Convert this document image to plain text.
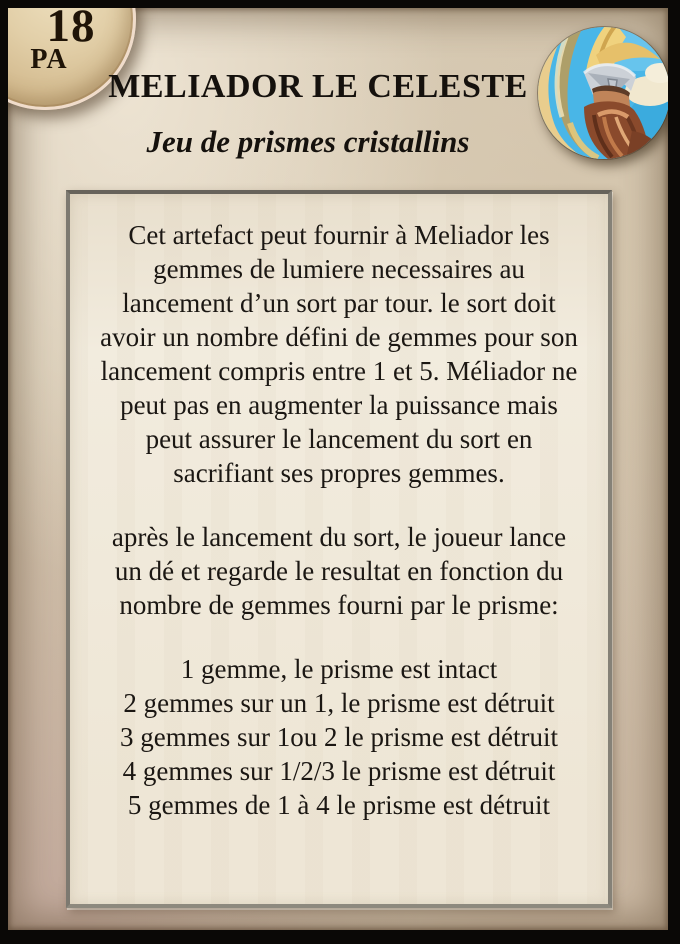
18
PA
MELIADOR LE CELESTE
Jeu de prismes cristallins
Cet artefact peut fournir à Meliador les
gemmes de lumiere necessaires au
lancement d’un sort par tour. le sort doit
avoir un nombre défini de gemmes pour son
lancement compris entre 1 et 5. Méliador ne
peut pas en augmenter la puissance mais
peut assurer le lancement du sort en
sacrifiant ses propres gemmes.
après le lancement du sort, le joueur lance
un dé et regarde le resultat en fonction du
nombre de gemmes fourni par le prisme:
1 gemme, le prisme est intact
2 gemmes sur un 1, le prisme est détruit
3 gemmes sur 1ou 2 le prisme est détruit
4 gemmes sur 1/2/3 le prisme est détruit
5 gemmes de 1 à 4 le prisme est détruit
